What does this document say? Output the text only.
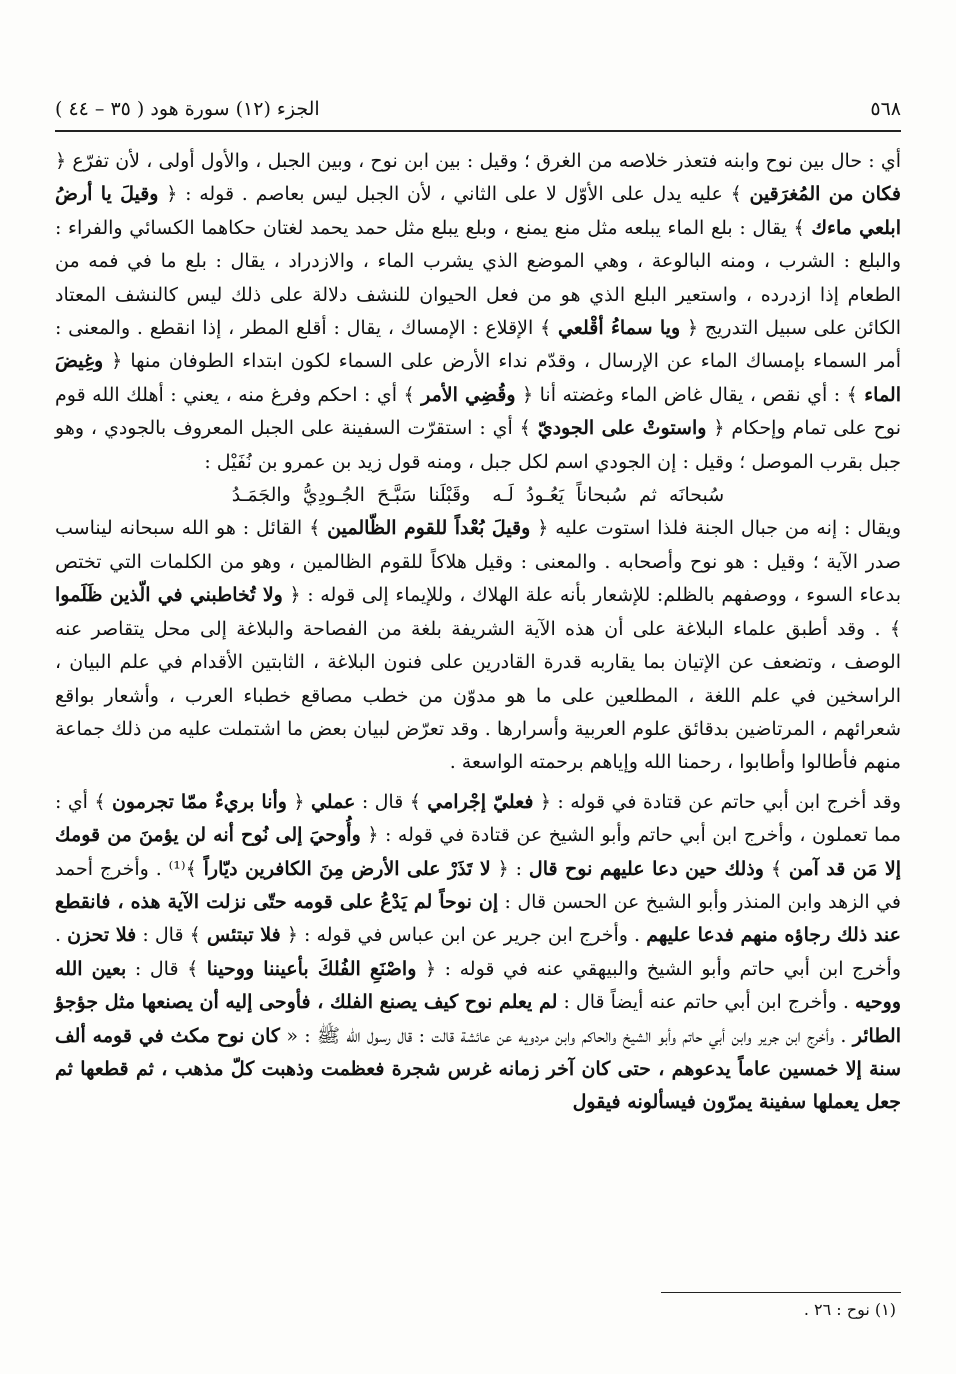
٥٦٨
الجزء (١٢) سورة هود ( ٣٥ – ٤٤ )

أي : حال بين نوح وابنه فتعذر خلاصه من الغرق ؛ وقيل : بين ابن نوح ، وبين الجبل ، والأول أولى ، لأن تفرّع ﴿ فكان من المُغرَقين ﴾ عليه يدل على الأوّل لا على الثاني ، لأن الجبل ليس بعاصم . قوله : ﴿ وقيلَ يا أرضُ ابلعي ماءك ﴾ يقال : بلع الماء يبلعه مثل منع يمنع ، وبلع يبلع مثل حمد يحمد لغتان حكاهما الكسائي والفراء : والبلع : الشرب ، ومنه البالوعة ، وهي الموضع الذي يشرب الماء ، والازدراد ، يقال : بلع ما في فمه من الطعام إذا ازدرده ، واستعير البلع الذي هو من فعل الحيوان للنشف دلالة على ذلك ليس كالنشف المعتاد الكائن على سبيل التدريج ﴿ ويا سماءُ أقْلعي ﴾ الإقلاع : الإمساك ، يقال : أقلع المطر ، إذا انقطع . والمعنى : أمر السماء بإمساك الماء عن الإرسال ، وقدّم نداء الأرض على السماء لكون ابتداء الطوفان منها ﴿ وغِيضَ الماء ﴾ : أي نقص ، يقال غاض الماء وغضته أنا ﴿ وقُضِي الأمر ﴾ أي : احكم وفرغ منه ، يعني : أهلك الله قوم نوح على تمام وإحكام ﴿ واستوتْ على الجوديّ ﴾ أي : استقرّت السفينة على الجبل المعروف بالجودي ، وهو جبل بقرب الموصل ؛ وقيل : إن الجودي اسم لكل جبل ، ومنه قول زيد بن عمرو بن نُفَيْل :

سُبحانَه ثم سُبحاناً يَعُـودُ لَـهوقَبْلَنا سَبَّـحَ الجُـودِيُّ والجَمَـدُ

ويقال : إنه من جبال الجنة فلذا استوت عليه ﴿ وقيلَ بُعْداً للقوم الظّالمين ﴾ القائل : هو الله سبحانه ليناسب صدر الآية ؛ وقيل : هو نوح وأصحابه . والمعنى : وقيل هلاكاً للقوم الظالمين ، وهو من الكلمات التي تختص بدعاء السوء ، ووصفهم بالظلم: للإشعار بأنه علة الهلاك ، وللإيماء إلى قوله : ﴿ ولا تُخاطبني في الّذين ظَلَموا ﴾ . وقد أطبق علماء البلاغة على أن هذه الآية الشريفة بلغة من الفصاحة والبلاغة إلى محل يتقاصر عنه الوصف ، وتضعف عن الإتيان بما يقاربه قدرة القادرين على فنون البلاغة ، الثابتين الأقدام في علم البيان ، الراسخين في علم اللغة ، المطلعين على ما هو مدوّن من خطب مصاقع خطباء العرب ، وأشعار بواقع شعرائهم ، المرتاضين بدقائق علوم العربية وأسرارها . وقد تعرّض لبيان بعض ما اشتملت عليه من ذلك جماعة منهم فأطالوا وأطابوا ، رحمنا الله وإياهم برحمته الواسعة .

وقد أخرج ابن أبي حاتم عن قتادة في قوله : ﴿ فعليّ إجْرامي ﴾ قال : عملي ﴿ وأنا بريءٌ ممّا تجرمون ﴾ أي : مما تعملون ، وأخرج ابن أبي حاتم وأبو الشيخ عن قتادة في قوله : ﴿ وأُوحيَ إلى نُوح أنه لن يؤمنَ من قومك إلا مَن قد آمن ﴾ وذلك حين دعا عليهم نوح قال : ﴿ لا تَذَرْ على الأرض مِنَ الكافرين ديّاراً ﴾⁽¹⁾ . وأخرج أحمد في الزهد وابن المنذر وأبو الشيخ عن الحسن قال : إن نوحاً لم يَدْعُ على قومه حتّى نزلت الآية هذه ، فانقطع عند ذلك رجاؤه منهم فدعا عليهم . وأخرج ابن جرير عن ابن عباس في قوله : ﴿ فلا تبتئس ﴾ قال : فلا تحزن . وأخرج ابن أبي حاتم وأبو الشيخ والبيهقي عنه في قوله : ﴿ واصْنَعِ الفُلكَ بأعيننا ووحينا ﴾ قال : بعين الله ووحيه . وأخرج ابن أبي حاتم عنه أيضاً قال : لم يعلم نوح كيف يصنع الفلك ، فأوحى إليه أن يصنعها مثل جؤجؤ الطائر . وأخرج ابن جرير وابن أبي حاتم وأبو الشيخ والحاكم وابن مردويه عن عائشة قالت : قال رسول الله ﷺ : « كان نوح مكث في قومه ألف سنة إلا خمسين عاماً يدعوهم ، حتى كان آخر زمانه غرس شجرة فعظمت وذهبت كلّ مذهب ، ثم قطعها ثم جعل يعملها سفينة يمرّون فيسألونه فيقول

(١) نوح : ٢٦ .
